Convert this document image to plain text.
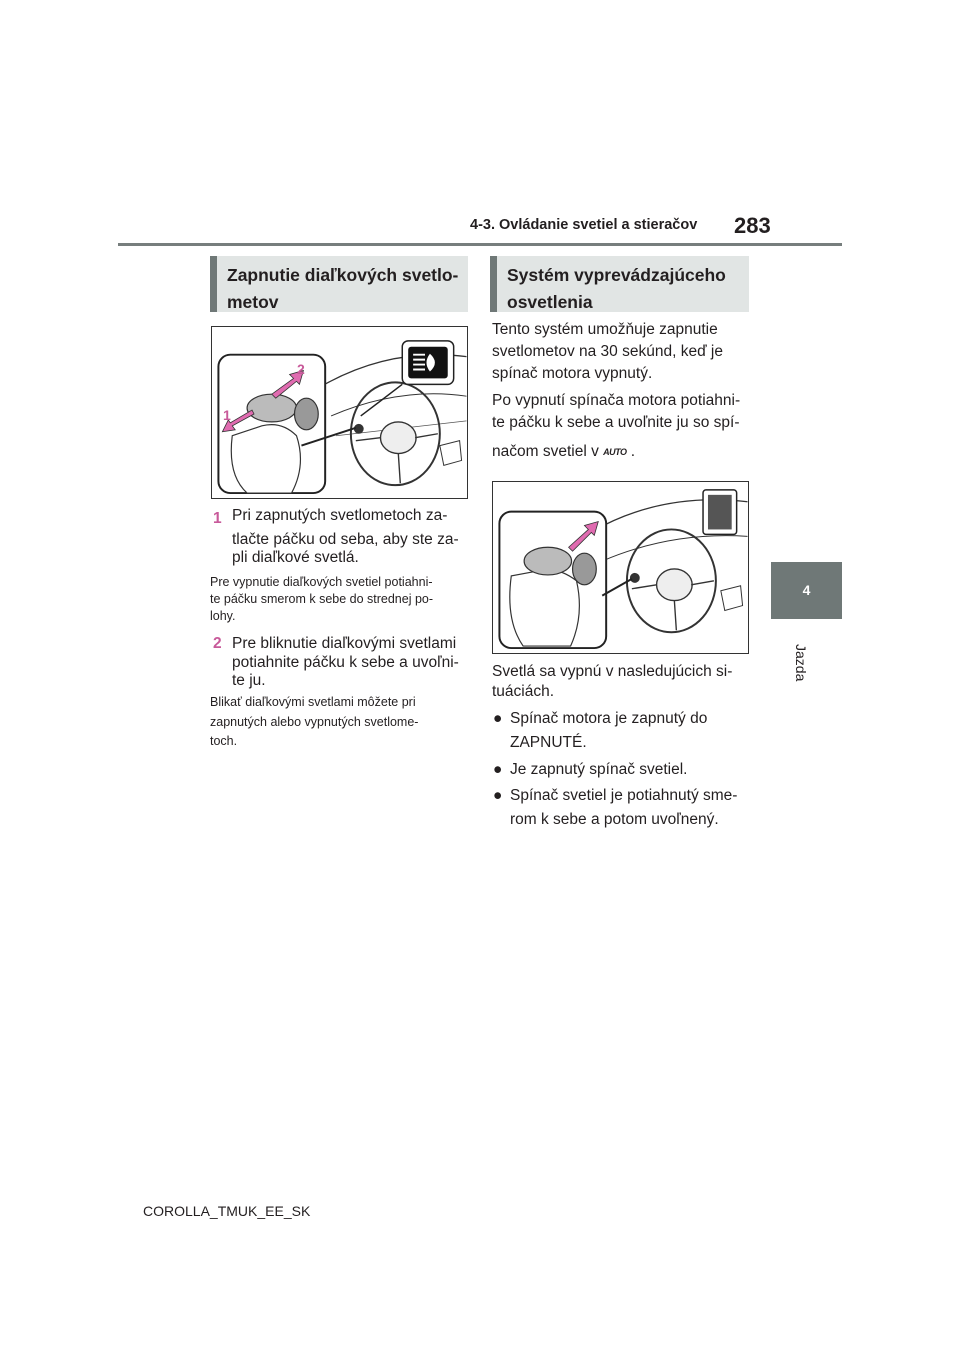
4-3. Ovládanie svetiel a stieračov 283
4
Jazda
Zapnutie diaľkových svetlo-metov
2
1
1 Pri zapnutých svetlometoch za-
tlačte páčku od seba, aby ste za-
pli diaľkové svetlá.
Pre vypnutie diaľkových svetiel potiahni-
te páčku smerom k sebe do strednej po-
lohy.
2 Pre bliknutie diaľkovými svetlami
potiahnite páčku k sebe a uvoľni-
te ju.
Blikať diaľkovými svetlami môžete pri
zapnutých alebo vypnutých svetlome-
toch.
Systém vyprevádzajúceho osvetlenia
Tento systém umožňuje zapnutie
svetlometov na 30 sekúnd, keď je
spínač motora vypnutý.
Po vypnutí spínača motora potiahni-
te páčku k sebe a uvoľnite ju so spí-
načom svetiel v AUTO .
Svetlá sa vypnú v nasledujúcich si-
tuáciách.
● Spínač motora je zapnutý do
ZAPNUTÉ.
● Je zapnutý spínač svetiel.
● Spínač svetiel je potiahnutý sme-
rom k sebe a potom uvoľnený.
COROLLA_TMUK_EE_SK
